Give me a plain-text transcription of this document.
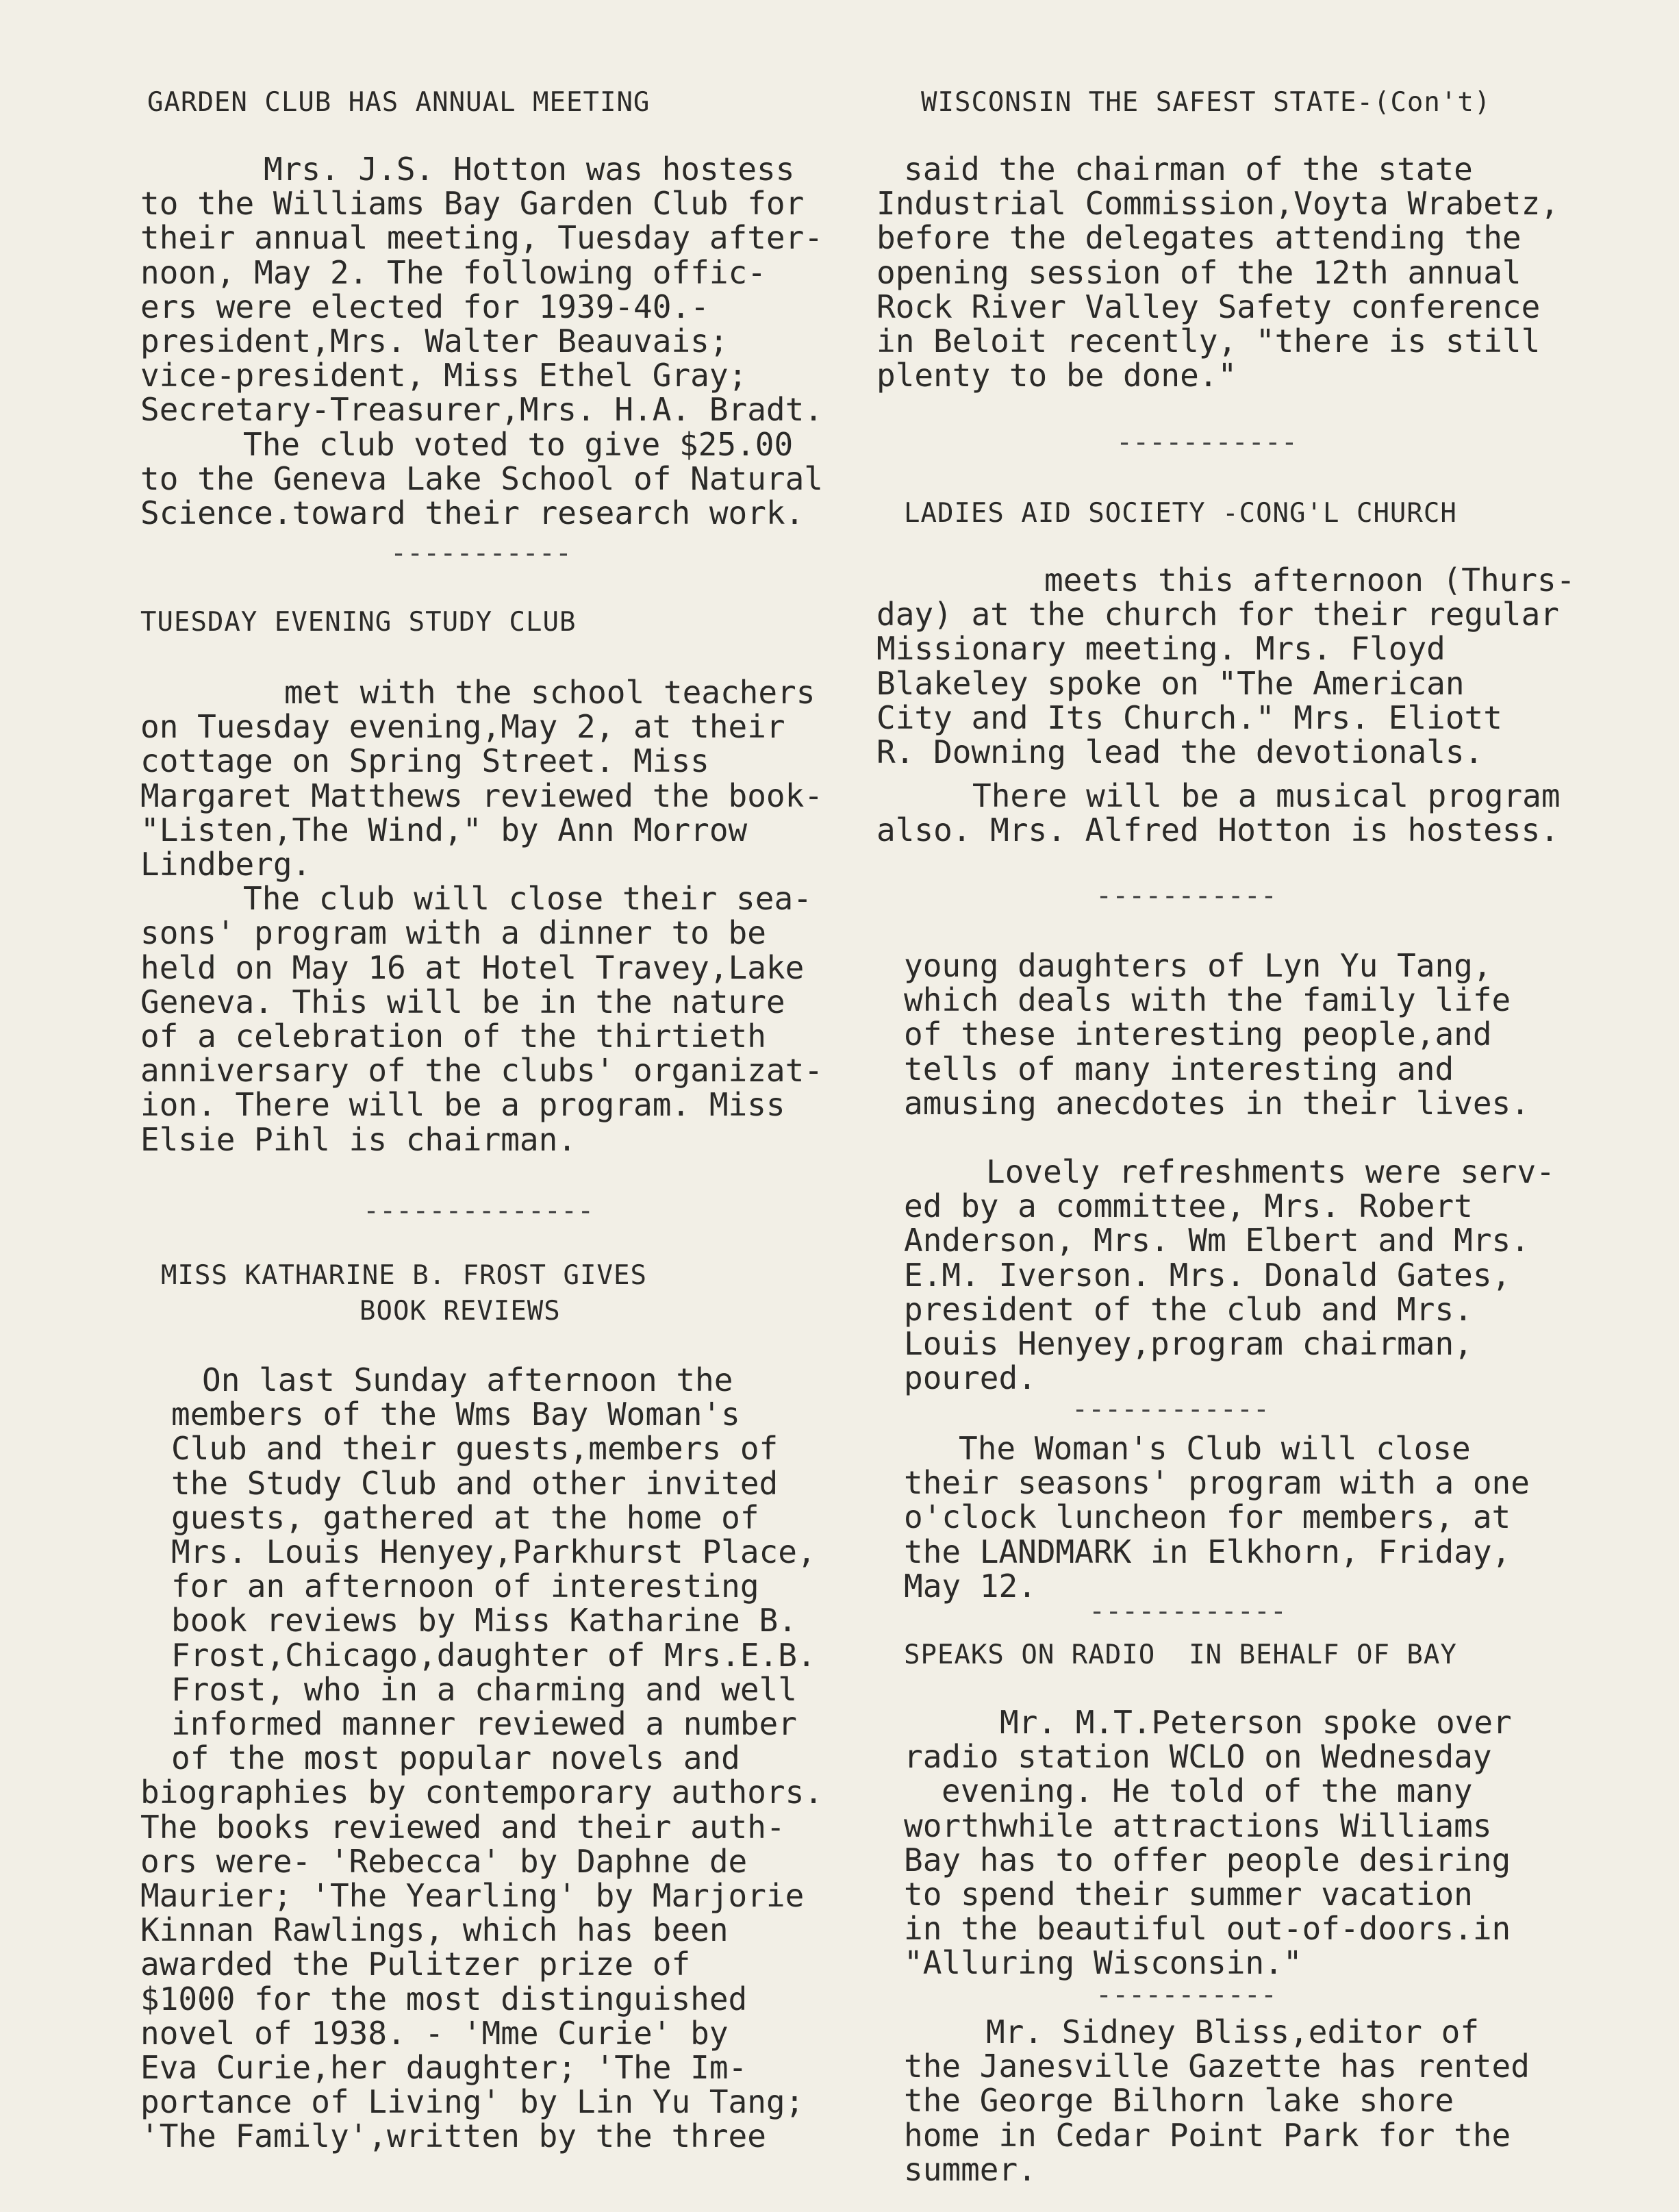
GARDEN CLUB HAS ANNUAL MEETING
Mrs. J.S. Hotton was hostess
to the Williams Bay Garden Club for
their annual meeting, Tuesday after-
noon, May 2. The following offic-
ers were elected for 1939-40.-
president,Mrs. Walter Beauvais;
vice-president, Miss Ethel Gray;
Secretary-Treasurer,Mrs. H.A. Bradt.
The club voted to give $25.00
to the Geneva Lake School of Natural
Science.toward their research work.
-----------
TUESDAY EVENING STUDY CLUB
met with the school teachers
on Tuesday evening,May 2, at their
cottage on Spring Street. Miss
Margaret Matthews reviewed the book-
"Listen,The Wind," by Ann Morrow
Lindberg.
The club will close their sea-
sons' program with a dinner to be
held on May 16 at Hotel Travey,Lake
Geneva. This will be in the nature
of a celebration of the thirtieth
anniversary of the clubs' organizat-
ion. There will be a program. Miss
Elsie Pihl is chairman.
--------------
MISS KATHARINE B. FROST GIVES
BOOK REVIEWS
On last Sunday afternoon the
members of the Wms Bay Woman's
Club and their guests,members of
the Study Club and other invited
guests, gathered at the home of
Mrs. Louis Henyey,Parkhurst Place,
for an afternoon of interesting
book reviews by Miss Katharine B.
Frost,Chicago,daughter of Mrs.E.B.
Frost, who in a charming and well
informed manner reviewed a number
of the most popular novels and
biographies by contemporary authors.
The books reviewed and their auth-
ors were- 'Rebecca' by Daphne de
Maurier; 'The Yearling' by Marjorie
Kinnan Rawlings, which has been
awarded the Pulitzer prize of
$1000 for the most distinguished
novel of 1938. - 'Mme Curie' by
Eva Curie,her daughter; 'The Im-
portance of Living' by Lin Yu Tang;
'The Family',written by the three
WISCONSIN THE SAFEST STATE-(Con't)
said the chairman of the state
Industrial Commission,Voyta Wrabetz,
before the delegates attending the
opening session of the 12th annual
Rock River Valley Safety conference
in Beloit recently, "there is still
plenty to be done."
-----------
LADIES AID SOCIETY -CONG'L CHURCH
meets this afternoon (Thurs-
day) at the church for their regular
Missionary meeting. Mrs. Floyd
Blakeley spoke on "The American
City and Its Church." Mrs. Eliott
R. Downing lead the devotionals.
There will be a musical program
also. Mrs. Alfred Hotton is hostess.
-----------
young daughters of Lyn Yu Tang,
which deals with the family life
of these interesting people,and
tells of many interesting and
amusing anecdotes in their lives.
Lovely refreshments were serv-
ed by a committee, Mrs. Robert
Anderson, Mrs. Wm Elbert and Mrs.
E.M. Iverson. Mrs. Donald Gates,
president of the club and Mrs.
Louis Henyey,program chairman,
poured.
------------
The Woman's Club will close
their seasons' program with a one
o'clock luncheon for members, at
the LANDMARK in Elkhorn, Friday,
May 12.
------------
SPEAKS ON RADIO  IN BEHALF OF BAY
Mr. M.T.Peterson spoke over
radio station WCLO on Wednesday
evening. He told of the many
worthwhile attractions Williams
Bay has to offer people desiring
to spend their summer vacation
in the beautiful out-of-doors.in
"Alluring Wisconsin."
-----------
Mr. Sidney Bliss,editor of
the Janesville Gazette has rented
the George Bilhorn lake shore
home in Cedar Point Park for the
summer.
